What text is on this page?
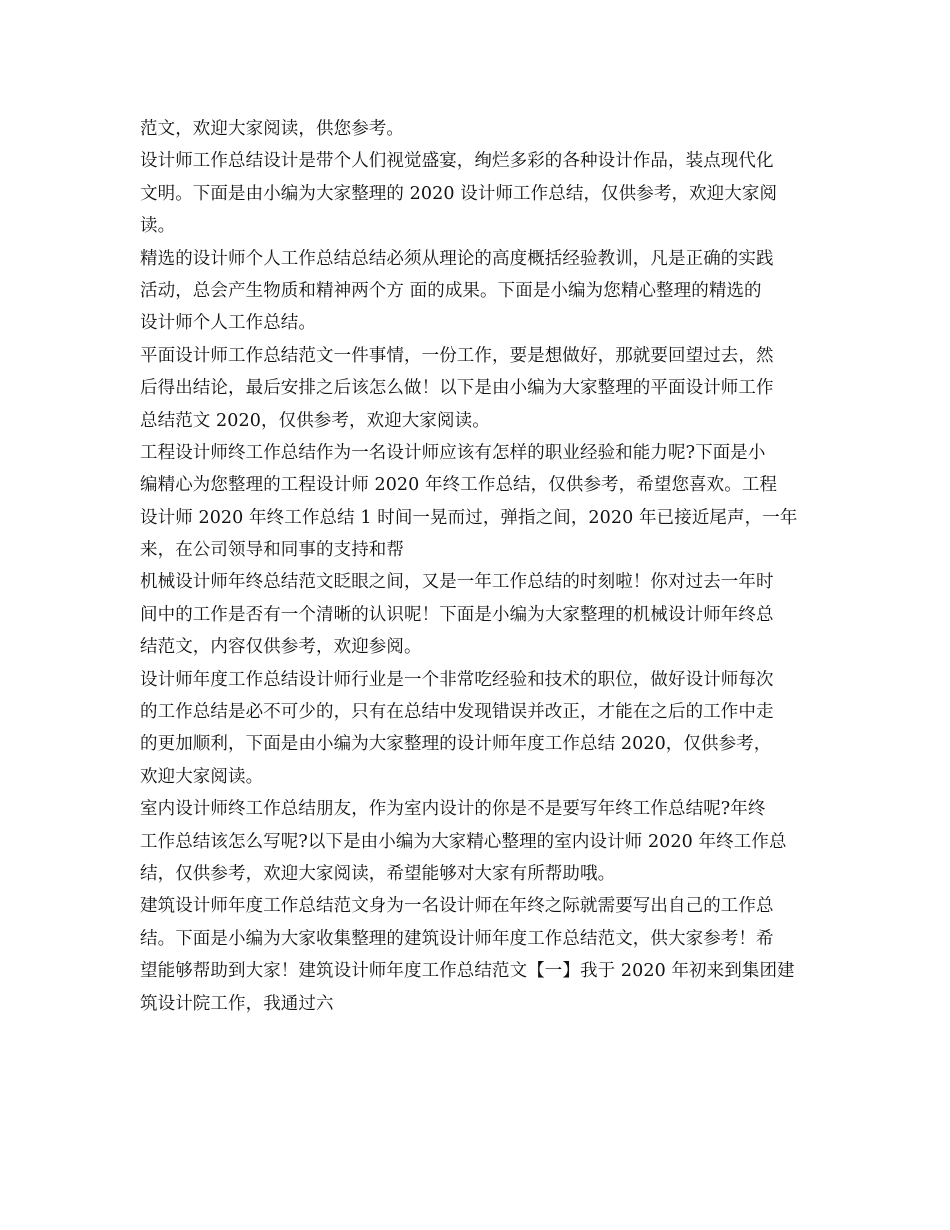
范文，欢迎大家阅读，供您参考。
设计师工作总结设计是带个人们视觉盛宴，绚烂多彩的各种设计作品，装点现代化
文明。下面是由小编为大家整理的 2020 设计师工作总结，仅供参考，欢迎大家阅
读。
精选的设计师个人工作总结总结必须从理论的高度概括经验教训，凡是正确的实践
活动，总会产生物质和精神两个方 面的成果。下面是小编为您精心整理的精选的
设计师个人工作总结。
平面设计师工作总结范文一件事情，一份工作，要是想做好，那就要回望过去，然
后得出结论，最后安排之后该怎么做！以下是由小编为大家整理的平面设计师工作
总结范文 2020，仅供参考，欢迎大家阅读。
工程设计师终工作总结作为一名设计师应该有怎样的职业经验和能力呢?下面是小
编精心为您整理的工程设计师 2020 年终工作总结，仅供参考，希望您喜欢。工程
设计师 2020 年终工作总结 1 时间一晃而过，弹指之间，2020 年已接近尾声，一年
来，在公司领导和同事的支持和帮
机械设计师年终总结范文眨眼之间，又是一年工作总结的时刻啦！你对过去一年时
间中的工作是否有一个清晰的认识呢！下面是小编为大家整理的机械设计师年终总
结范文，内容仅供参考，欢迎参阅。
设计师年度工作总结设计师行业是一个非常吃经验和技术的职位，做好设计师每次
的工作总结是必不可少的，只有在总结中发现错误并改正，才能在之后的工作中走
的更加顺利，下面是由小编为大家整理的设计师年度工作总结 2020，仅供参考，
欢迎大家阅读。
室内设计师终工作总结朋友，作为室内设计的你是不是要写年终工作总结呢?年终
工作总结该怎么写呢?以下是由小编为大家精心整理的室内设计师 2020 年终工作总
结，仅供参考，欢迎大家阅读，希望能够对大家有所帮助哦。
建筑设计师年度工作总结范文身为一名设计师在年终之际就需要写出自己的工作总
结。下面是小编为大家收集整理的建筑设计师年度工作总结范文，供大家参考！希
望能够帮助到大家！建筑设计师年度工作总结范文【一】我于 2020 年初来到集团建
筑设计院工作，我通过六
